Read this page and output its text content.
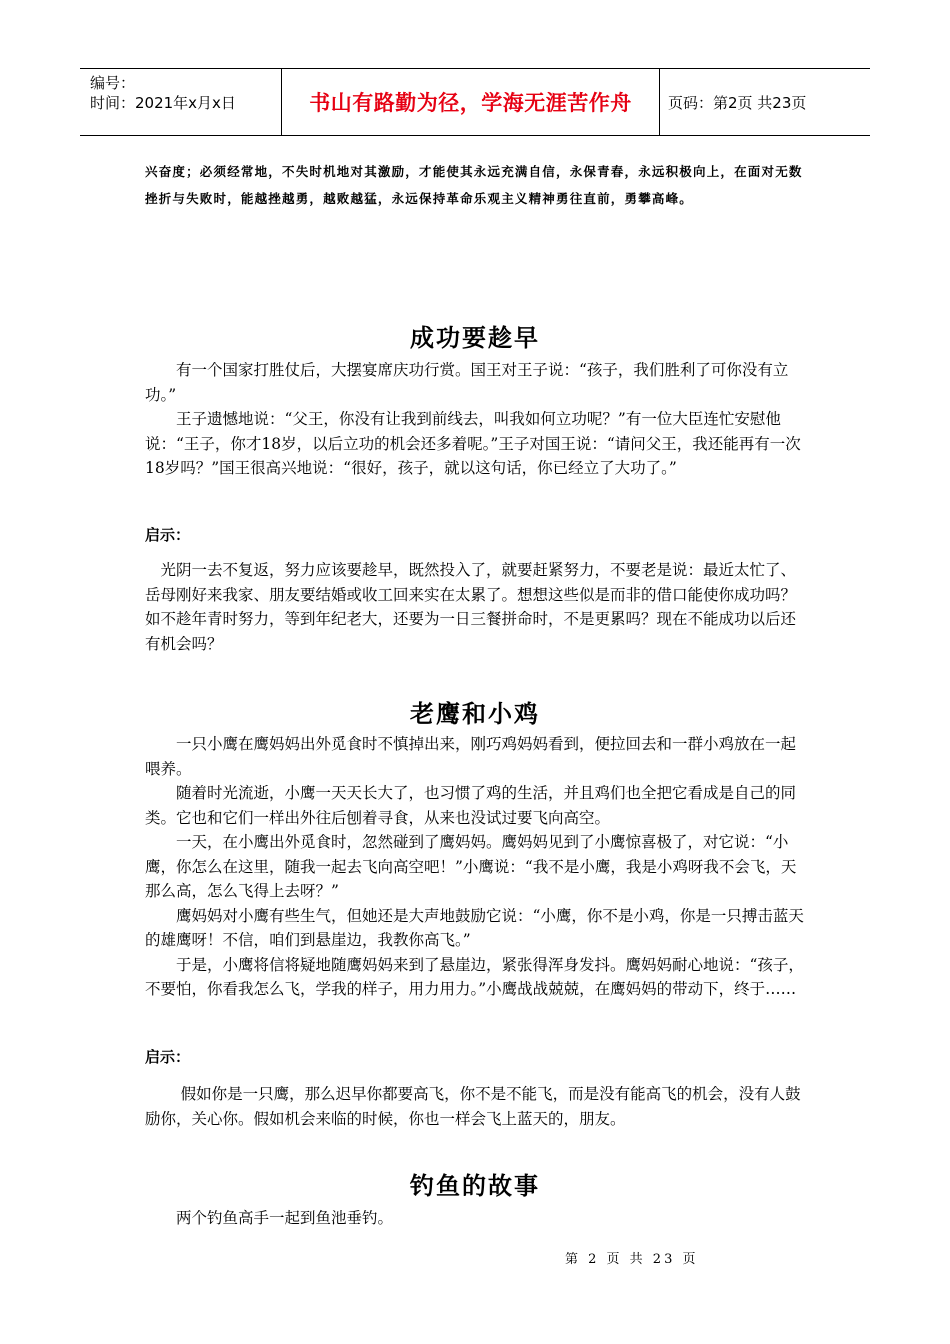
编号：
时间：2021年x月x日	书山有路勤为径，学海无涯苦作舟	页码：第2页 共23页
兴奋度；必须经常地，不失时机地对其激励，才能使其永远充满自信，永保青春，永远积极向上，在面对无数挫折与失败时，能越挫越勇，越败越猛，永远保持革命乐观主义精神勇往直前，勇攀高峰。
成功要趁早

有一个国家打胜仗后，大摆宴席庆功行赏。国王对王子说：“孩子，我们胜利了可你没有立功。”

王子遗憾地说：“父王，你没有让我到前线去，叫我如何立功呢？”有一位大臣连忙安慰他说：“王子，你才18岁，以后立功的机会还多着呢。”王子对国王说：“请问父王，我还能再有一次18岁吗？”国王很高兴地说：“很好，孩子，就以这句话，你已经立了大功了。”

启示：

光阴一去不复返，努力应该要趁早，既然投入了，就要赶紧努力，不要老是说：最近太忙了、岳母刚好来我家、朋友要结婚或收工回来实在太累了。想想这些似是而非的借口能使你成功吗？如不趁年青时努力，等到年纪老大，还要为一日三餐拼命时，不是更累吗？现在不能成功以后还有机会吗？

老鹰和小鸡

一只小鹰在鹰妈妈出外觅食时不慎掉出来，刚巧鸡妈妈看到，便拉回去和一群小鸡放在一起喂养。

随着时光流逝，小鹰一天天长大了，也习惯了鸡的生活，并且鸡们也全把它看成是自己的同类。它也和它们一样出外往后刨着寻食，从来也没试过要飞向高空。

一天，在小鹰出外觅食时，忽然碰到了鹰妈妈。鹰妈妈见到了小鹰惊喜极了，对它说：“小鹰，你怎么在这里，随我一起去飞向高空吧！”小鹰说：“我不是小鹰，我是小鸡呀我不会飞，天那么高，怎么飞得上去呀？”

鹰妈妈对小鹰有些生气，但她还是大声地鼓励它说：“小鹰，你不是小鸡，你是一只搏击蓝天的雄鹰呀！不信，咱们到悬崖边，我教你高飞。”

于是，小鹰将信将疑地随鹰妈妈来到了悬崖边，紧张得浑身发抖。鹰妈妈耐心地说：“孩子，不要怕，你看我怎么飞，学我的样子，用力用力。”小鹰战战兢兢，在鹰妈妈的带动下，终于……

启示：

假如你是一只鹰，那么迟早你都要高飞，你不是不能飞，而是没有能高飞的机会，没有人鼓励你，关心你。假如机会来临的时候，你也一样会飞上蓝天的，朋友。

钓鱼的故事

两个钓鱼高手一起到鱼池垂钓。

第 2 页 共 23 页
